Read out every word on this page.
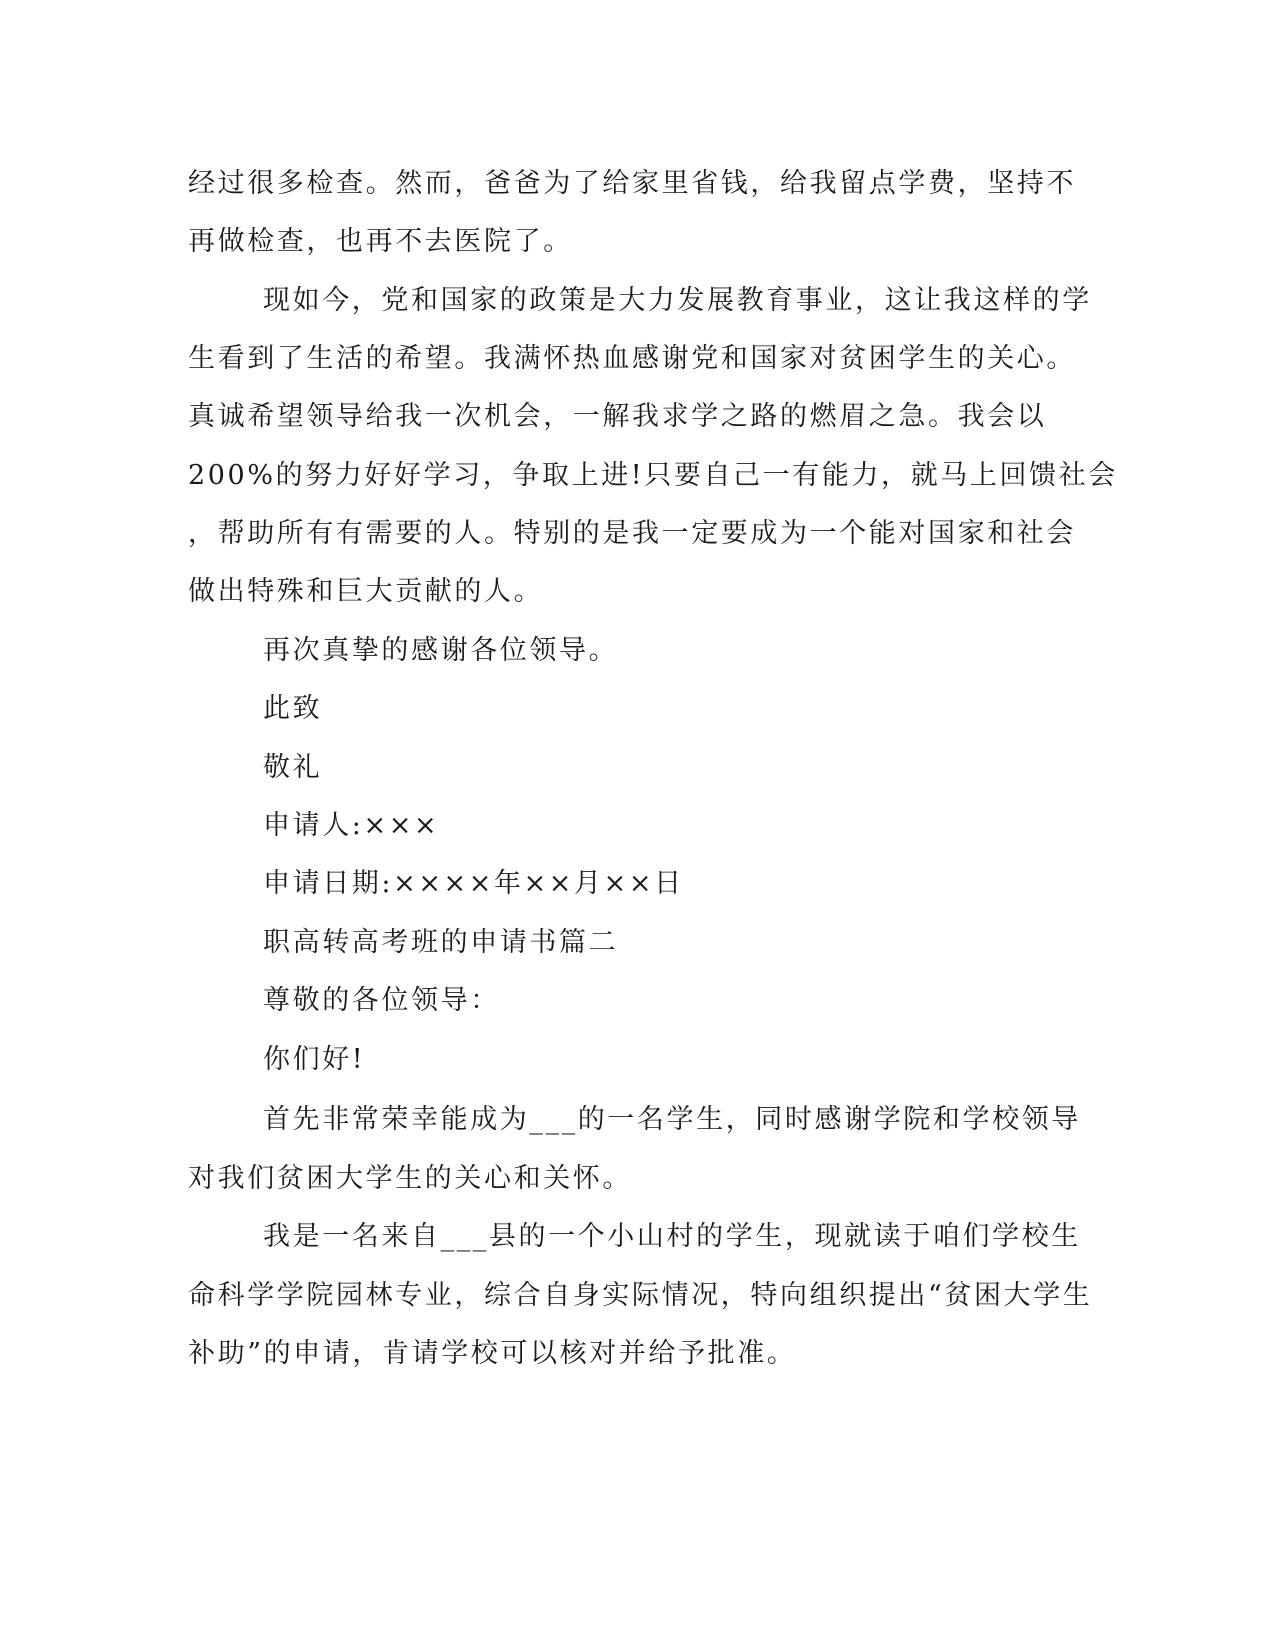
经过很多检查。然而，爸爸为了给家里省钱，给我留点学费，坚持不
再做检查，也再不去医院了。
现如今，党和国家的政策是大力发展教育事业，这让我这样的学
生看到了生活的希望。我满怀热血感谢党和国家对贫困学生的关心。
真诚希望领导给我一次机会，一解我求学之路的燃眉之急。我会以
200%的努力好好学习，争取上进!只要自己一有能力，就马上回馈社会
，帮助所有有需要的人。特别的是我一定要成为一个能对国家和社会
做出特殊和巨大贡献的人。
再次真挚的感谢各位领导。
此致
敬礼
申请人:×××
申请日期:××××年××月××日
职高转高考班的申请书篇二
尊敬的各位领导：
你们好!
首先非常荣幸能成为___的一名学生，同时感谢学院和学校领导
对我们贫困大学生的关心和关怀。
我是一名来自___县的一个小山村的学生，现就读于咱们学校生
命科学学院园林专业，综合自身实际情况，特向组织提出“贫困大学生
补助”的申请，肯请学校可以核对并给予批准。
